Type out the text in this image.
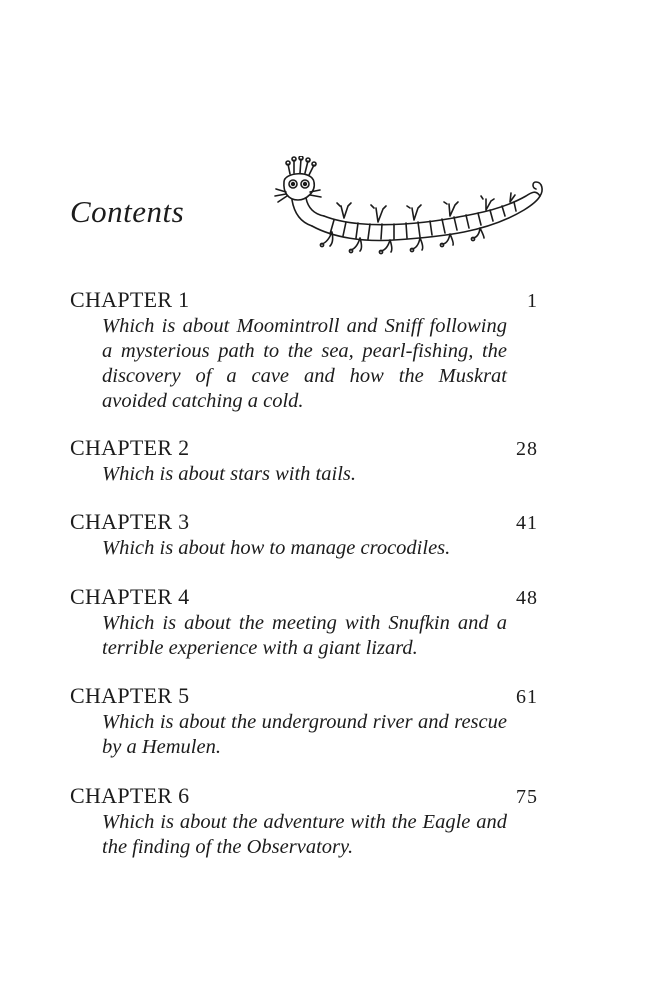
Contents
CHAPTER 1	1

Which is about Moomintroll and Sniff following a mysterious path to the sea, pearl-fishing, the discovery of a cave and how the Muskrat avoided catching a cold.

CHAPTER 2	28

Which is about stars with tails.

CHAPTER 3	41

Which is about how to manage crocodiles.

CHAPTER 4	48

Which is about the meeting with Snufkin and a terrible experience with a giant lizard.

CHAPTER 5	61

Which is about the underground river and rescue by a Hemulen.

CHAPTER 6	75

Which is about the adventure with the Eagle and the finding of the Observatory.
